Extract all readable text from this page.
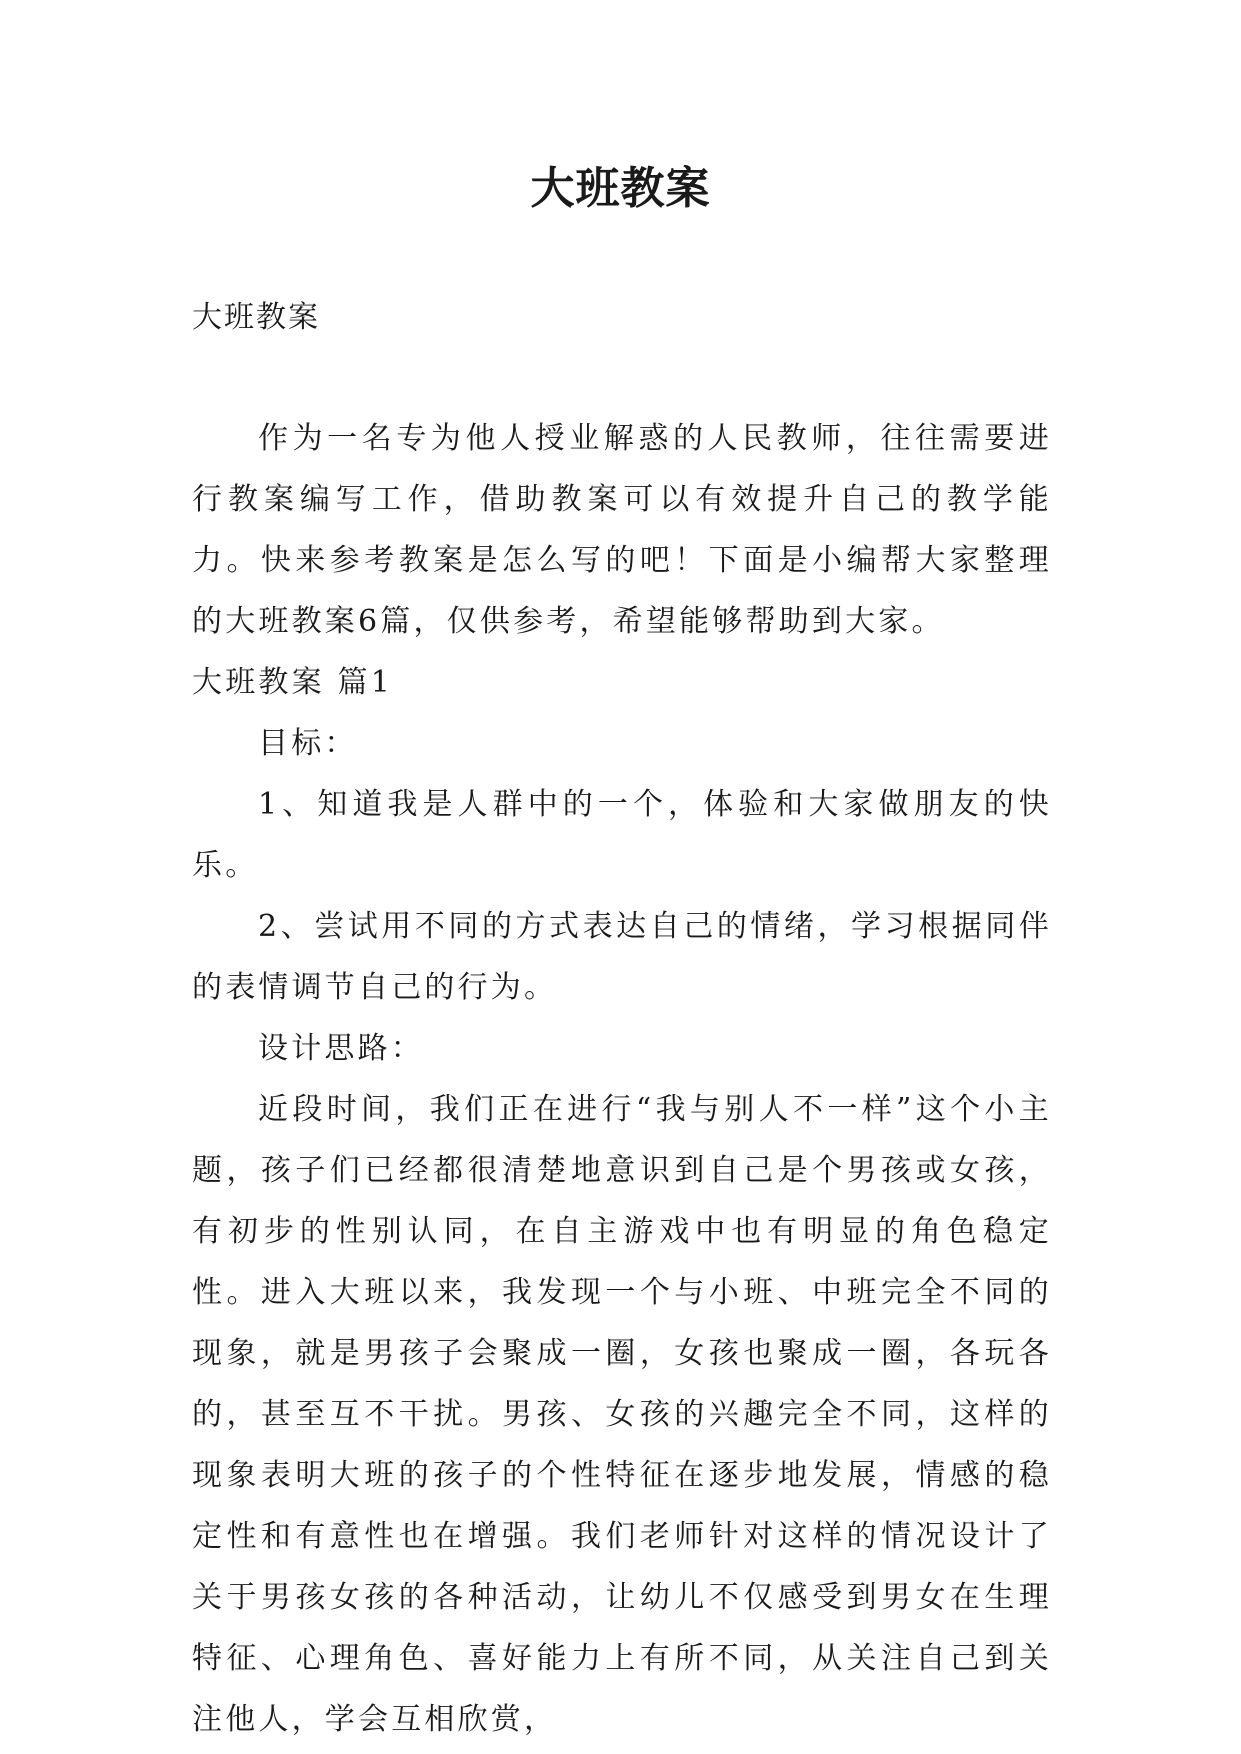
大班教案
大班教案

作为一名专为他人授业解惑的人民教师，往往需要进行教案编写工作，借助教案可以有效提升自己的教学能力。快来参考教案是怎么写的吧！下面是小编帮大家整理的大班教案6篇，仅供参考，希望能够帮助到大家。

大班教案 篇1

目标：

1、知道我是人群中的一个，体验和大家做朋友的快乐。

2、尝试用不同的方式表达自己的情绪，学习根据同伴的表情调节自己的行为。

设计思路：

近段时间，我们正在进行“我与别人不一样”这个小主题，孩子们已经都很清楚地意识到自己是个男孩或女孩，有初步的性别认同，在自主游戏中也有明显的角色稳定性。进入大班以来，我发现一个与小班、中班完全不同的现象，就是男孩子会聚成一圈，女孩也聚成一圈，各玩各的，甚至互不干扰。男孩、女孩的兴趣完全不同，这样的现象表明大班的孩子的个性特征在逐步地发展，情感的稳定性和有意性也在增强。我们老师针对这样的情况设计了关于男孩女孩的各种活动，让幼儿不仅感受到男女在生理特征、心理角色、喜好能力上有所不同，从关注自己到关注他人，学会互相欣赏，
